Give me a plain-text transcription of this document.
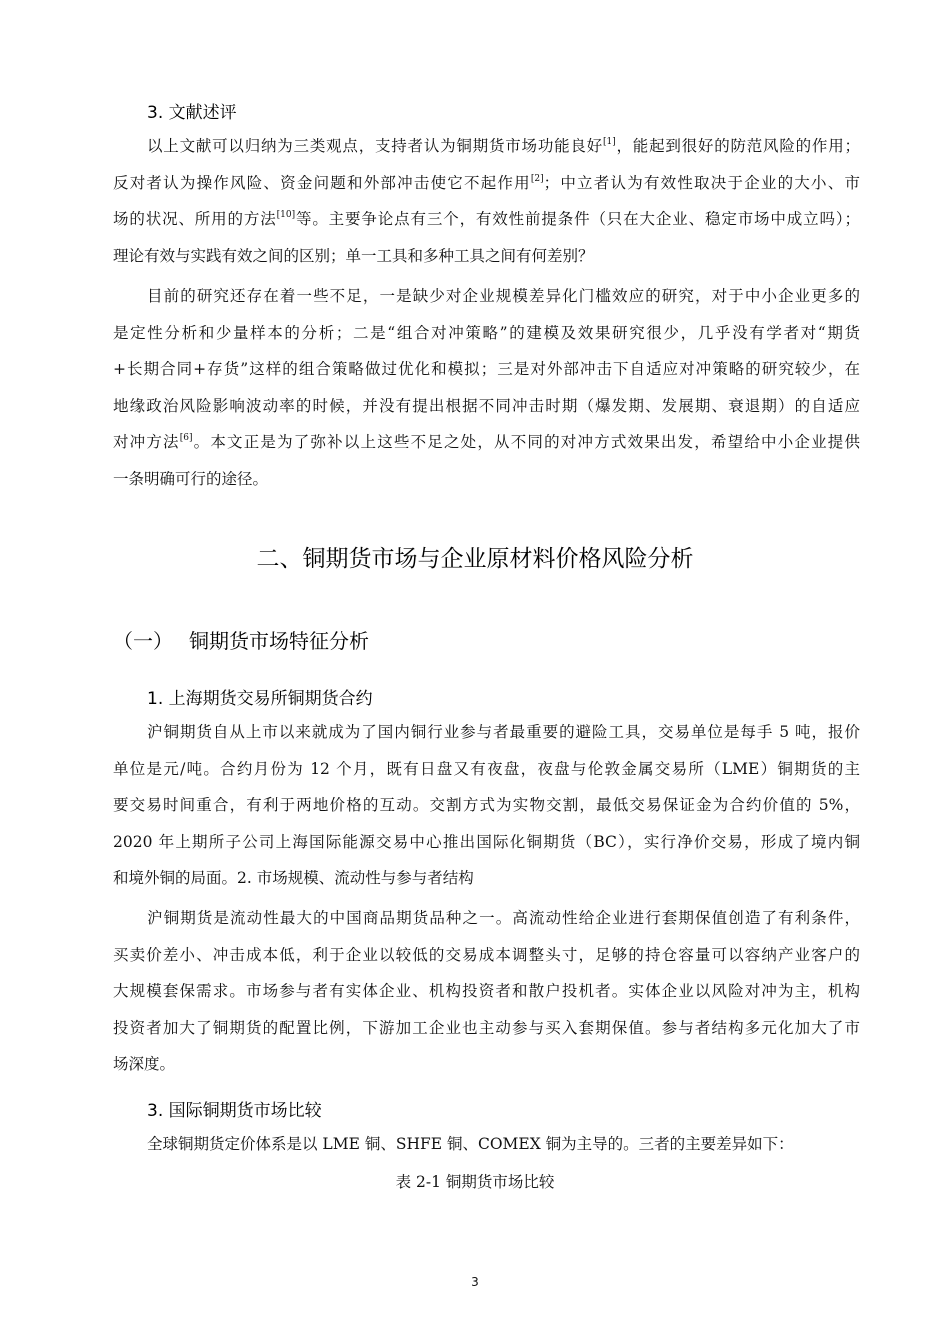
3. 文献述评
以上文献可以归纳为三类观点，支持者认为铜期货市场功能良好[1]，能起到很好的防范风险的作用；
反对者认为操作风险、资金问题和外部冲击使它不起作用[2]；中立者认为有效性取决于企业的大小、市
场的状况、所用的方法[10]等。主要争论点有三个，有效性前提条件（只在大企业、稳定市场中成立吗）；
理论有效与实践有效之间的区别；单一工具和多种工具之间有何差别？
目前的研究还存在着一些不足，一是缺少对企业规模差异化门槛效应的研究，对于中小企业更多的
是定性分析和少量样本的分析；二是“组合对冲策略”的建模及效果研究很少，几乎没有学者对“期货
+长期合同+存货”这样的组合策略做过优化和模拟；三是对外部冲击下自适应对冲策略的研究较少，在
地缘政治风险影响波动率的时候，并没有提出根据不同冲击时期（爆发期、发展期、衰退期）的自适应
对冲方法[6]。本文正是为了弥补以上这些不足之处，从不同的对冲方式效果出发，希望给中小企业提供
一条明确可行的途径。
二、铜期货市场与企业原材料价格风险分析
（一） 铜期货市场特征分析
1. 上海期货交易所铜期货合约
沪铜期货自从上市以来就成为了国内铜行业参与者最重要的避险工具，交易单位是每手 5 吨，报价
单位是元/吨。合约月份为 12 个月，既有日盘又有夜盘，夜盘与伦敦金属交易所（LME）铜期货的主
要交易时间重合，有利于两地价格的互动。交割方式为实物交割，最低交易保证金为合约价值的 5%，
2020 年上期所子公司上海国际能源交易中心推出国际化铜期货（BC），实行净价交易，形成了境内铜
和境外铜的局面。2. 市场规模、流动性与参与者结构
沪铜期货是流动性最大的中国商品期货品种之一。高流动性给企业进行套期保值创造了有利条件，
买卖价差小、冲击成本低，利于企业以较低的交易成本调整头寸，足够的持仓容量可以容纳产业客户的
大规模套保需求。市场参与者有实体企业、机构投资者和散户投机者。实体企业以风险对冲为主，机构
投资者加大了铜期货的配置比例，下游加工企业也主动参与买入套期保值。参与者结构多元化加大了市
场深度。
3. 国际铜期货市场比较
全球铜期货定价体系是以 LME 铜、SHFE 铜、COMEX 铜为主导的。三者的主要差异如下：
表 2-1 铜期货市场比较
3
